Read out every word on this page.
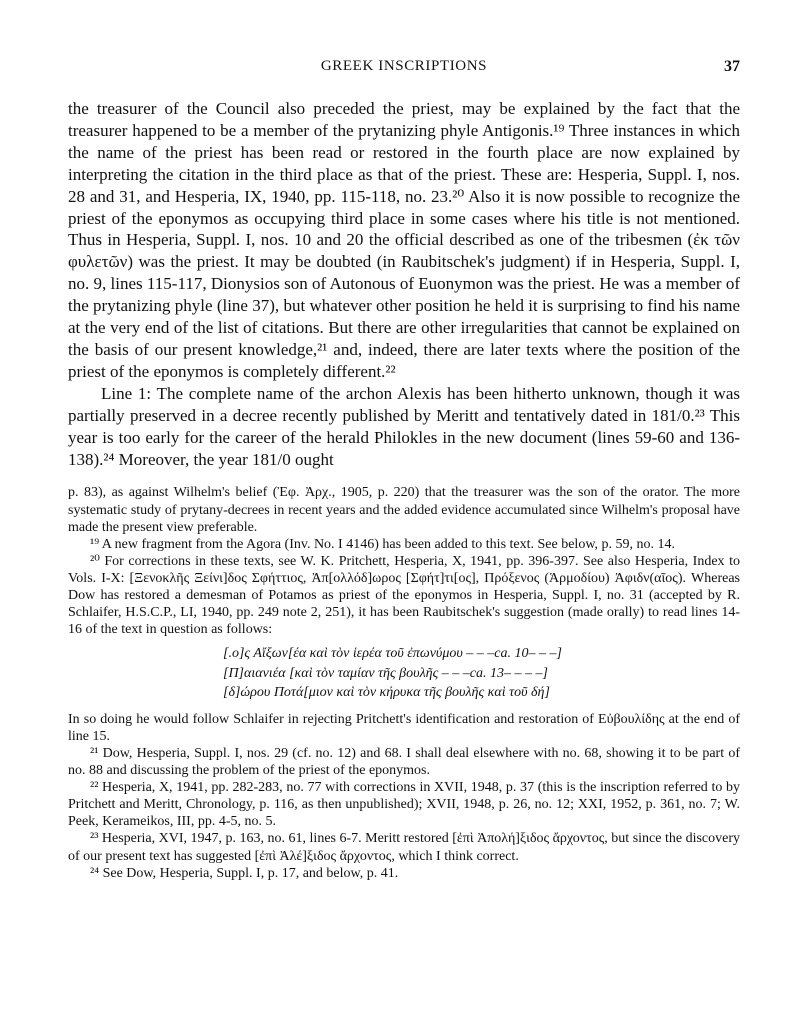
GREEK INSCRIPTIONS	37

the treasurer of the Council also preceded the priest, may be explained by the fact that the treasurer happened to be a member of the prytanizing phyle Antigonis.¹⁹ Three instances in which the name of the priest has been read or restored in the fourth place are now explained by interpreting the citation in the third place as that of the priest. These are: Hesperia, Suppl. I, nos. 28 and 31, and Hesperia, IX, 1940, pp. 115-118, no. 23.²⁰ Also it is now possible to recognize the priest of the eponymos as occupying third place in some cases where his title is not mentioned. Thus in Hesperia, Suppl. I, nos. 10 and 20 the official described as one of the tribesmen (ἐκ τῶν φυλετῶν) was the priest. It may be doubted (in Raubitschek's judgment) if in Hesperia, Suppl. I, no. 9, lines 115-117, Dionysios son of Autonous of Euonymon was the priest. He was a member of the prytanizing phyle (line 37), but whatever other position he held it is surprising to find his name at the very end of the list of citations. But there are other irregularities that cannot be explained on the basis of our present knowledge,²¹ and, indeed, there are later texts where the position of the priest of the eponymos is completely different.²²

Line 1: The complete name of the archon Alexis has been hitherto unknown, though it was partially preserved in a decree recently published by Meritt and tentatively dated in 181/0.²³ This year is too early for the career of the herald Philokles in the new document (lines 59-60 and 136-138).²⁴ Moreover, the year 181/0 ought

p. 83), as against Wilhelm's belief (Ἐφ. Ἀρχ., 1905, p. 220) that the treasurer was the son of the orator. The more systematic study of prytany-decrees in recent years and the added evidence accumulated since Wilhelm's proposal have made the present view preferable.

¹⁹ A new fragment from the Agora (Inv. No. I 4146) has been added to this text. See below, p. 59, no. 14.

²⁰ For corrections in these texts, see W. K. Pritchett, Hesperia, X, 1941, pp. 396-397. See also Hesperia, Index to Vols. I-X: [Ξενοκλῆς Ξείνι]δος Σφήττιος, Ἀπ[ολλόδ]ωρος [Σφήτ]τι[ος], Πρόξενος (Ἁρμοδίου) Ἀφιδν(αῖος). Whereas Dow has restored a demesman of Potamos as priest of the eponymos in Hesperia, Suppl. I, no. 31 (accepted by R. Schlaifer, H.S.C.P., LI, 1940, pp. 249 note 2, 251), it has been Raubitschek's suggestion (made orally) to read lines 14-16 of the text in question as follows:

[.ο]ς Αἴξων[έα καὶ τὸν ἱερέα τοῦ ἐπωνύμου – – –ca. 10– – –]
[Π]αιανιέα [καὶ τὸν ταμίαν τῆς βουλῆς – – –ca. 13– – – –]
[δ]ώρου Ποτά[μιον καὶ τὸν κήρυκα τῆς βουλῆς καὶ τοῦ δή]

In so doing he would follow Schlaifer in rejecting Pritchett's identification and restoration of Εὐβουλίδης at the end of line 15.

²¹ Dow, Hesperia, Suppl. I, nos. 29 (cf. no. 12) and 68. I shall deal elsewhere with no. 68, showing it to be part of no. 88 and discussing the problem of the priest of the eponymos.

²² Hesperia, X, 1941, pp. 282-283, no. 77 with corrections in XVII, 1948, p. 37 (this is the inscription referred to by Pritchett and Meritt, Chronology, p. 116, as then unpublished); XVII, 1948, p. 26, no. 12; XXI, 1952, p. 361, no. 7; W. Peek, Kerameikos, III, pp. 4-5, no. 5.

²³ Hesperia, XVI, 1947, p. 163, no. 61, lines 6-7. Meritt restored [ἐπὶ Ἀπολή]ξιδος ἄρχοντος, but since the discovery of our present text has suggested [ἐπὶ Ἀλέ]ξιδος ἄρχοντος, which I think correct.

²⁴ See Dow, Hesperia, Suppl. I, p. 17, and below, p. 41.
